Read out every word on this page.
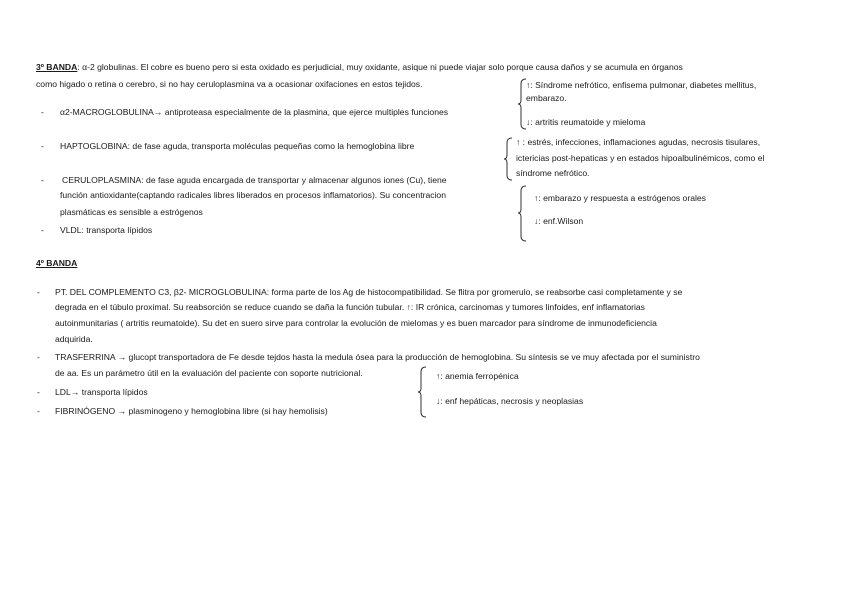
3º BANDA: α-2 globulinas. El cobre es bueno pero si esta oxidado es perjudicial, muy oxidante, asique ni puede viajar solo porque causa daños y se acumula en órganos
como higado o retina o cerebro, si no hay ceruloplasmina va a ocasionar oxifaciones en estos tejidos.
- α2-MACROGLOBULINA→ antiproteasa especialmente de la plasmina, que ejerce multiples funciones
↑: Síndrome nefrótico, enfisema pulmonar, diabetes mellitus,
embarazo.
↓: artritis reumatoide y mieloma
- HAPTOGLOBINA: de fase aguda, transporta moléculas pequeñas como la hemoglobina libre	↑ : estrés, infecciones, inflamaciones agudas, necrosis tisulares,
ictericias post-hepaticas y en estados hipoalbulinémicos, como el
síndrome nefrótico.
- CERULOPLASMINA: de fase aguda encargada de transportar y almacenar algunos iones (Cu), tiene
función antioxidante(captando radicales libres liberados en procesos inflamatorios). Su concentracion
plasmáticas es sensible a estrógenos
↑: embarazo y respuesta a estrógenos orales
↓: enf.Wilson
- VLDL: transporta lípidos
4º BANDA
- PT. DEL COMPLEMENTO C3, β2- MICROGLOBULINA: forma parte de los Ag de histocompatibilidad. Se flitra por gromerulo, se reabsorbe casi completamente y se
degrada en el túbulo proximal. Su reabsorción se reduce cuando se daña la función tubular. ↑: IR crónica, carcinomas y tumores linfoides, enf inflamatorias
autoinmunitarias ( artritis reumatoide). Su det en suero sirve para controlar la evolución de mielomas y es buen marcador para síndrome de inmunodeficiencia
adquirida.
- TRASFERRINA → glucopt transportadora de Fe desde tejdos hasta la medula ósea para la producción de hemoglobina. Su síntesis se ve muy afectada por el suministro
de aa. Es un parámetro útil en la evaluación del paciente con soporte nutricional.	↑: anemia ferropénica
↓: enf hepáticas, necrosis y neoplasias
- LDL→ transporta lípidos
- FIBRINÓGENO → plasminogeno y hemoglobina libre (si hay hemolisis)
